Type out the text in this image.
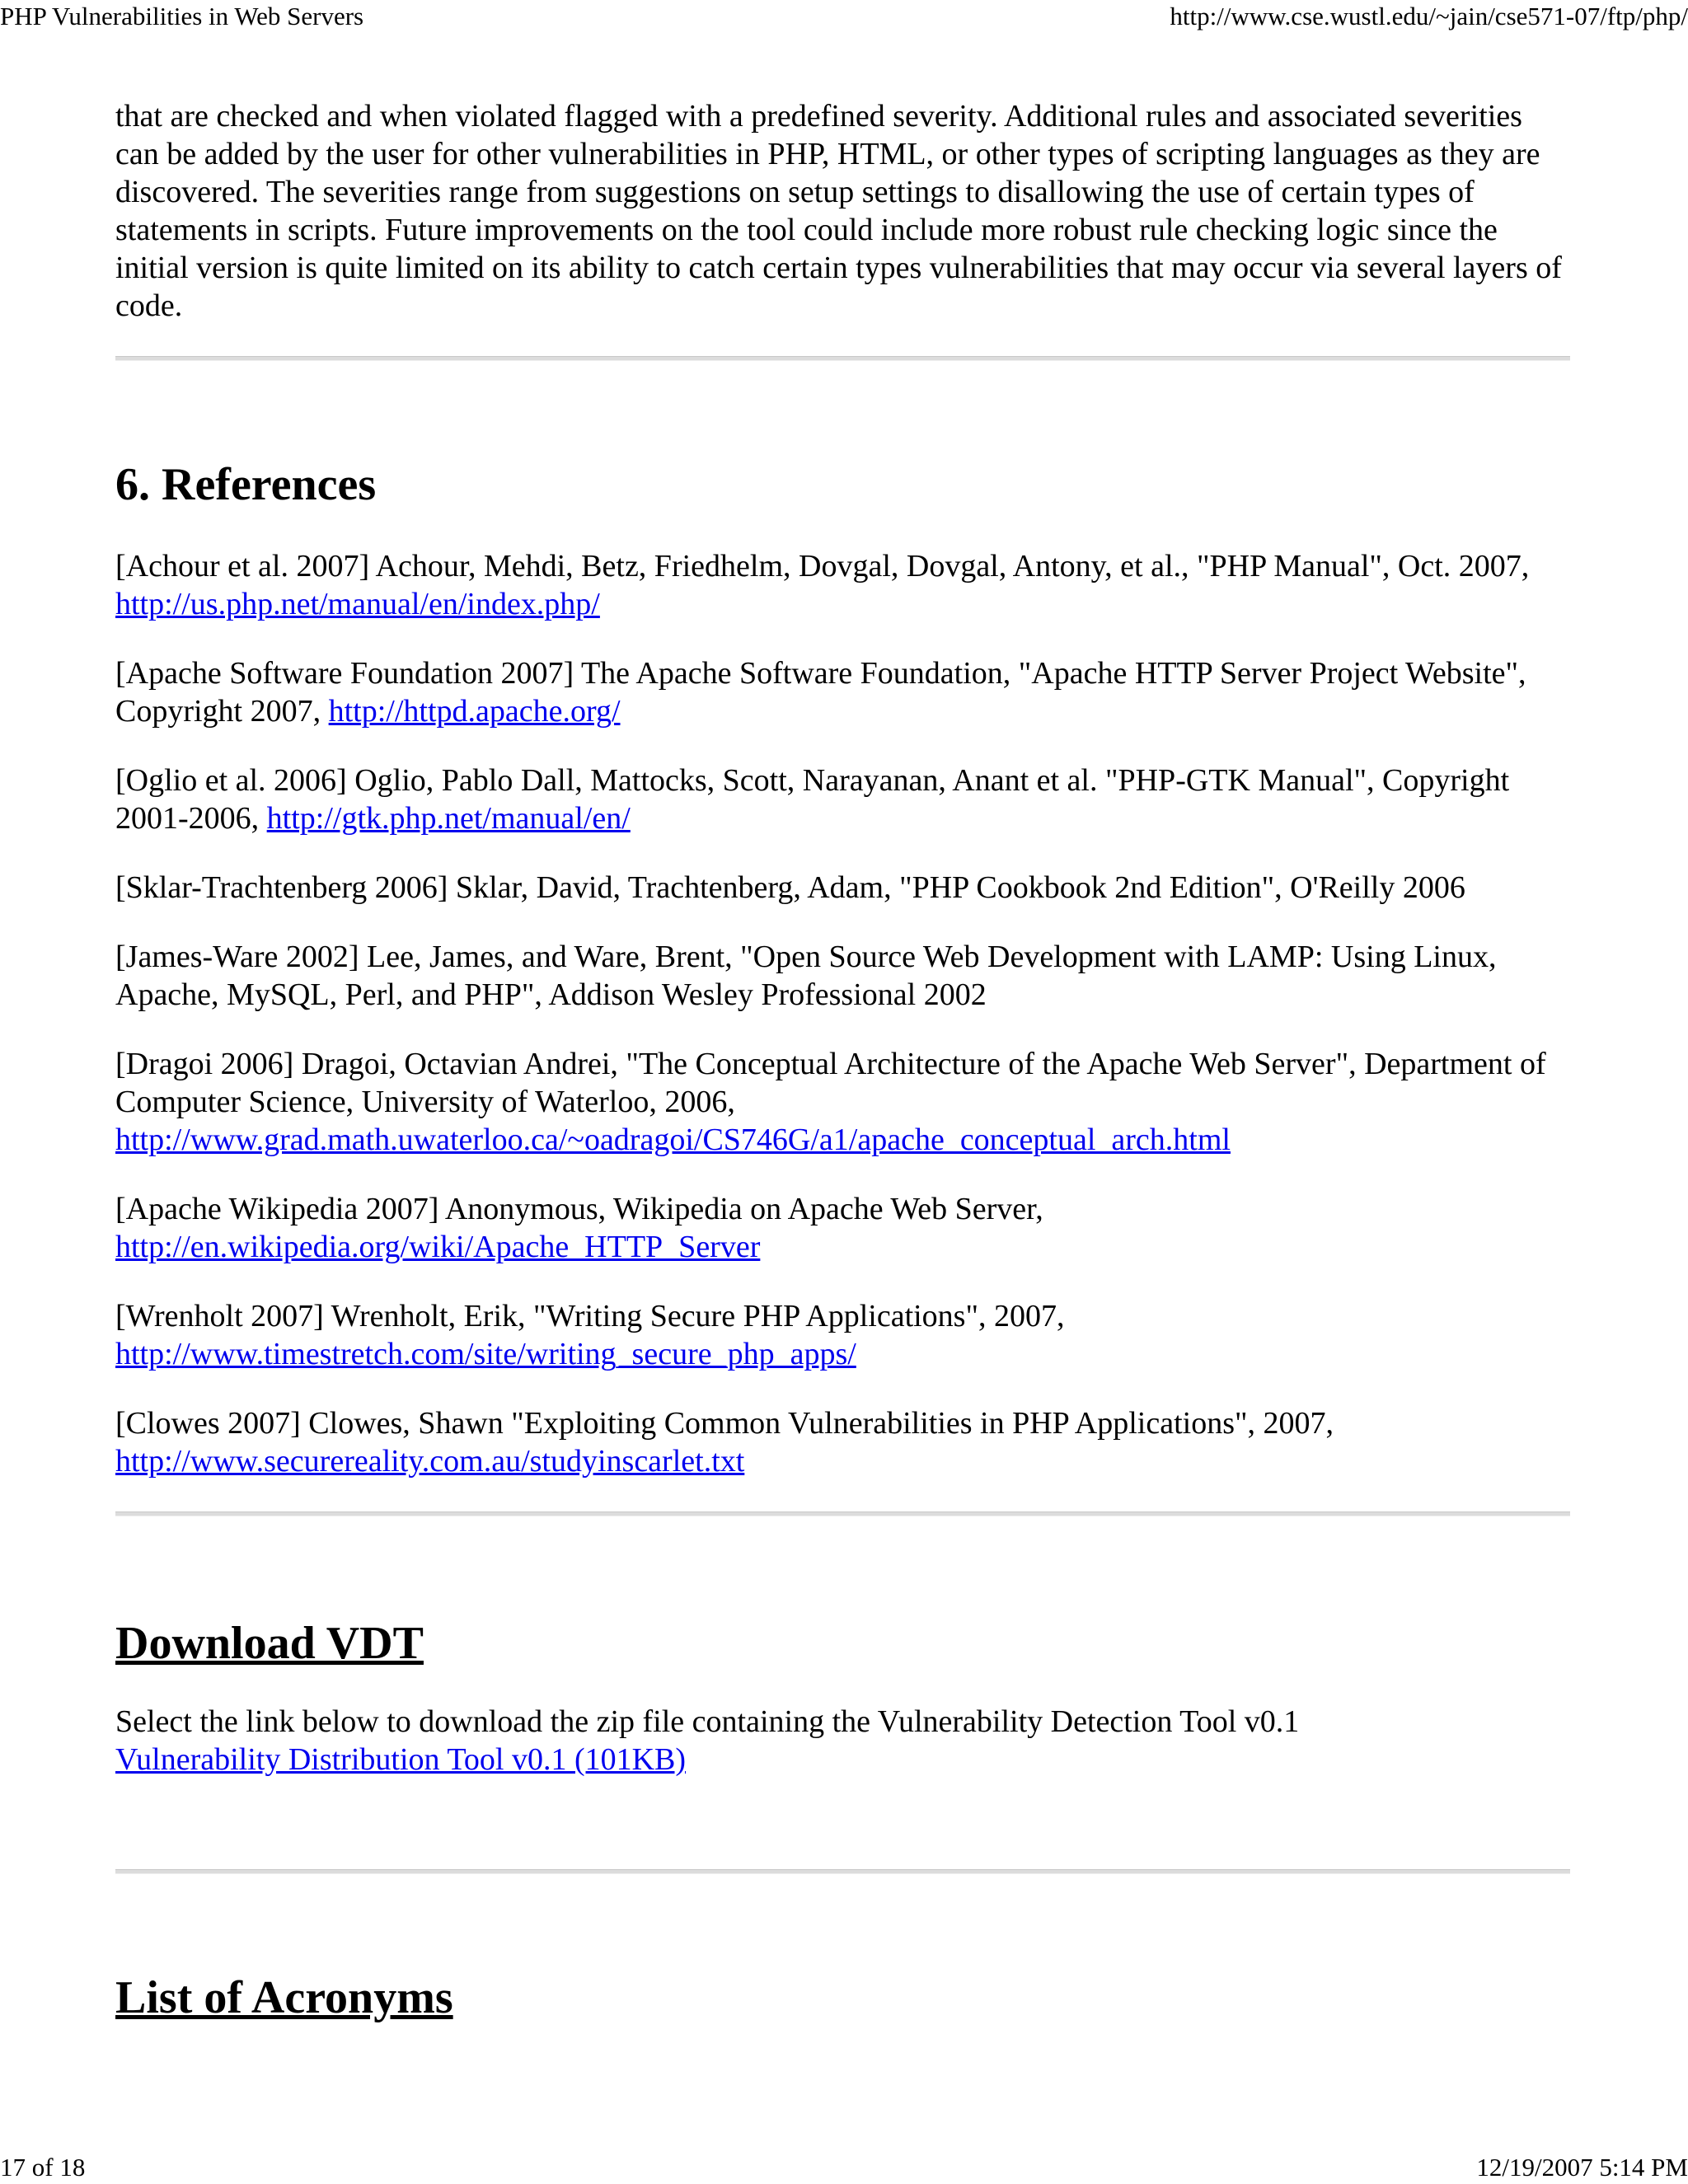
PHP Vulnerabilities in Web Servers	http://www.cse.wustl.edu/~jain/cse571-07/ftp/php/

that are checked and when violated flagged with a predefined severity. Additional rules and associated severities can be added by the user for other vulnerabilities in PHP, HTML, or other types of scripting languages as they are discovered. The severities range from suggestions on setup settings to disallowing the use of certain types of statements in scripts. Future improvements on the tool could include more robust rule checking logic since the initial version is quite limited on its ability to catch certain types vulnerabilities that may occur via several layers of code.

6. References

[Achour et al. 2007] Achour, Mehdi, Betz, Friedhelm, Dovgal, Dovgal, Antony, et al., "PHP Manual", Oct. 2007, http://us.php.net/manual/en/index.php/

[Apache Software Foundation 2007] The Apache Software Foundation, "Apache HTTP Server Project Website", Copyright 2007, http://httpd.apache.org/

[Oglio et al. 2006] Oglio, Pablo Dall, Mattocks, Scott, Narayanan, Anant et al. "PHP-GTK Manual", Copyright 2001-2006, http://gtk.php.net/manual/en/

[Sklar-Trachtenberg 2006] Sklar, David, Trachtenberg, Adam, "PHP Cookbook 2nd Edition", O'Reilly 2006

[James-Ware 2002] Lee, James, and Ware, Brent, "Open Source Web Development with LAMP: Using Linux, Apache, MySQL, Perl, and PHP", Addison Wesley Professional 2002

[Dragoi 2006] Dragoi, Octavian Andrei, "The Conceptual Architecture of the Apache Web Server", Department of Computer Science, University of Waterloo, 2006,
http://www.grad.math.uwaterloo.ca/~oadragoi/CS746G/a1/apache_conceptual_arch.html

[Apache Wikipedia 2007] Anonymous, Wikipedia on Apache Web Server,
http://en.wikipedia.org/wiki/Apache_HTTP_Server

[Wrenholt 2007] Wrenholt, Erik, "Writing Secure PHP Applications", 2007,
http://www.timestretch.com/site/writing_secure_php_apps/

[Clowes 2007] Clowes, Shawn "Exploiting Common Vulnerabilities in PHP Applications", 2007,
http://www.securereality.com.au/studyinscarlet.txt

Download VDT

Select the link below to download the zip file containing the Vulnerability Detection Tool v0.1

Vulnerability Distribution Tool v0.1 (101KB)
List of Acronyms
17 of 18	12/19/2007 5:14 PM
